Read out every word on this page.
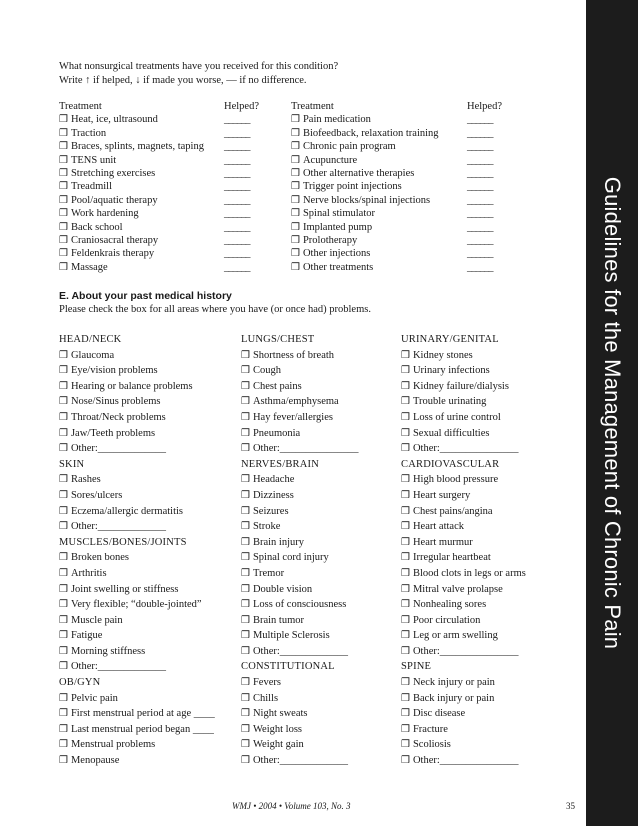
Guidelines for the Management of Chronic Pain
What nonsurgical treatments have you received for this condition?
Write ↑ if helped, ↓ if made you worse, — if no difference.
Treatment	Helped?
❒ Heat, ice, ultrasound	______
❒ Traction	______
❒ Braces, splints, magnets, taping	______
❒ TENS unit	______
❒ Stretching exercises	______
❒ Treadmill	______
❒ Pool/aquatic therapy	______
❒ Work hardening	______
❒ Back school	______
❒ Craniosacral therapy	______
❒ Feldenkrais therapy	______
❒ Massage	______
Treatment	Helped?
❒ Pain medication	______
❒ Biofeedback, relaxation training	______
❒ Chronic pain program	______
❒ Acupuncture	______
❒ Other alternative therapies	______
❒ Trigger point injections	______
❒ Nerve blocks/spinal injections	______
❒ Spinal stimulator	______
❒ Implanted pump	______
❒ Prolotherapy	______
❒ Other injections	______
❒ Other treatments	______
E. About your past medical history
Please check the box for all areas where you have (or once had) problems.
HEAD/NECK
❒ Glaucoma
❒ Eye/vision problems
❒ Hearing or balance problems
❒ Nose/Sinus problems
❒ Throat/Neck problems
❒ Jaw/Teeth problems
❒ Other:_____________
SKIN
❒ Rashes
❒ Sores/ulcers
❒ Eczema/allergic dermatitis
❒ Other:_____________
MUSCLES/BONES/JOINTS
❒ Broken bones
❒ Arthritis
❒ Joint swelling or stiffness
❒ Very flexible; “double-jointed”
❒ Muscle pain
❒ Fatigue
❒ Morning stiffness
❒ Other:_____________
OB/GYN
❒ Pelvic pain
❒ First menstrual period at age ____
❒ Last menstrual period began ____
❒ Menstrual problems
❒ Menopause
LUNGS/CHEST
❒ Shortness of breath
❒ Cough
❒ Chest pains
❒ Asthma/emphysema
❒ Hay fever/allergies
❒ Pneumonia
❒ Other:_______________
NERVES/BRAIN
❒ Headache
❒ Dizziness
❒ Seizures
❒ Stroke
❒ Brain injury
❒ Spinal cord injury
❒ Tremor
❒ Double vision
❒ Loss of consciousness
❒ Brain tumor
❒ Multiple Sclerosis
❒ Other:_____________
CONSTITUTIONAL
❒ Fevers
❒ Chills
❒ Night sweats
❒ Weight loss
❒ Weight gain
❒ Other:_____________
URINARY/GENITAL
❒ Kidney stones
❒ Urinary infections
❒ Kidney failure/dialysis
❒ Trouble urinating
❒ Loss of urine control
❒ Sexual difficulties
❒ Other:_______________
CARDIOVASCULAR
❒ High blood pressure
❒ Heart surgery
❒ Chest pains/angina
❒ Heart attack
❒ Heart murmur
❒ Irregular heartbeat
❒ Blood clots in legs or arms
❒ Mitral valve prolapse
❒ Nonhealing sores
❒ Poor circulation
❒ Leg or arm swelling
❒ Other:_______________
SPINE
❒ Neck injury or pain
❒ Back injury or pain
❒ Disc disease
❒ Fracture
❒ Scoliosis
❒ Other:_______________
WMJ • 2004 • Volume 103, No. 3	35
